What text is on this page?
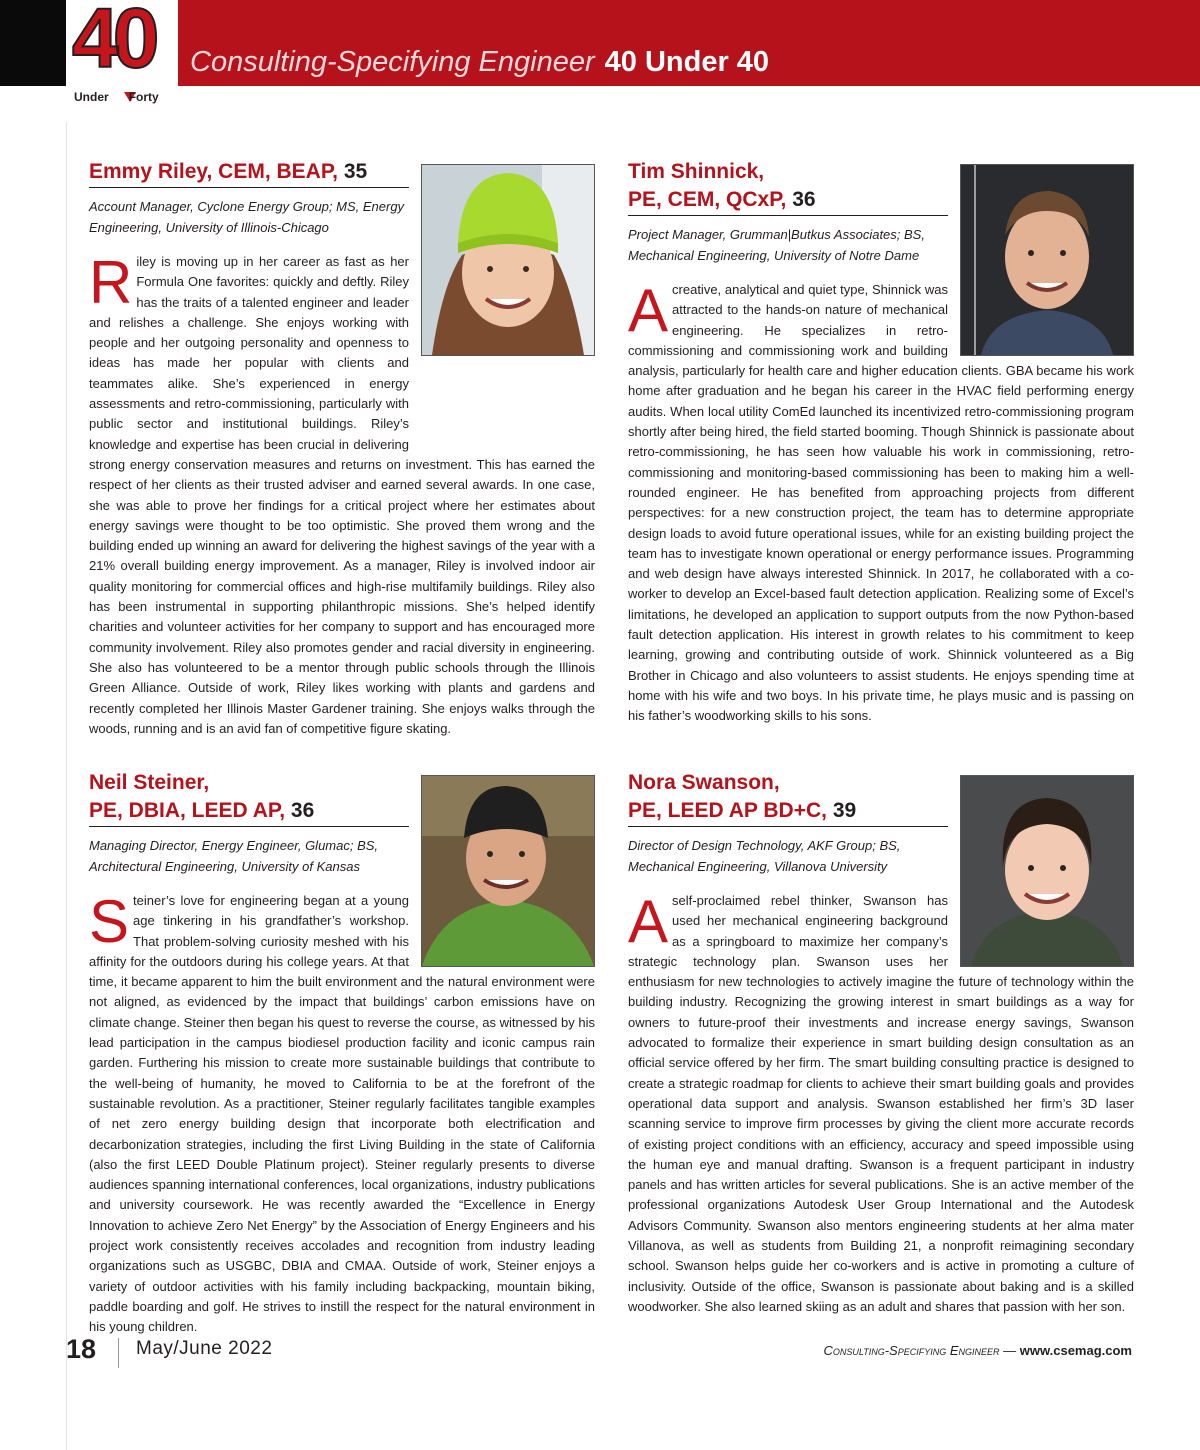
40
Under Forty
Consulting-Specifying Engineer 40 Under 40

Emmy Riley, CEM, BEAP, 35

Account Manager, Cyclone Energy Group; MS, Energy Engineering, University of Illinois-Chicago

Riley is moving up in her career as fast as her Formula One favorites: quickly and deftly. Riley has the traits of a talented engineer and leader and relishes a challenge. She enjoys working with people and her outgoing personality and openness to ideas has made her popular with clients and teammates alike. She’s experienced in energy assessments and retro-commissioning, particularly with public sector and institutional buildings. Riley’s knowledge and expertise has been crucial in delivering strong energy conservation measures and returns on investment. This has earned the respect of her clients as their trusted adviser and earned several awards. In one case, she was able to prove her findings for a critical project where her estimates about energy savings were thought to be too optimistic. She proved them wrong and the building ended up winning an award for delivering the highest savings of the year with a 21% overall building energy improvement. As a manager, Riley is involved indoor air quality monitoring for commercial offices and high-rise multifamily buildings. Riley also has been instrumental in supporting philanthropic missions. She’s helped identify charities and volunteer activities for her company to support and has encouraged more community involvement. Riley also promotes gender and racial diversity in engineering. She also has volunteered to be a mentor through public schools through the Illinois Green Alliance. Outside of work, Riley likes working with plants and gardens and recently completed her Illinois Master Gardener training. She enjoys walks through the woods, running and is an avid fan of competitive figure skating.

Tim Shinnick,
PE, CEM, QCxP, 36

Project Manager, Grumman|Butkus Associates; BS, Mechanical Engineering, University of Notre Dame

Acreative, analytical and quiet type, Shinnick was attracted to the hands-on nature of mechanical engineering. He specializes in retro-commissioning and commissioning work and building analysis, particularly for health care and higher education clients. GBA became his work home after graduation and he began his career in the HVAC field performing energy audits. When local utility ComEd launched its incentivized retro-commissioning program shortly after being hired, the field started booming. Though Shinnick is passionate about retro-commissioning, he has seen how valuable his work in commissioning, retro-commissioning and monitoring-based commissioning has been to making him a well-rounded engineer. He has benefited from approaching projects from different perspectives: for a new construction project, the team has to determine appropriate design loads to avoid future operational issues, while for an existing building project the team has to investigate known operational or energy performance issues. Programming and web design have always interested Shinnick. In 2017, he collaborated with a co-worker to develop an Excel-based fault detection application. Realizing some of Excel’s limitations, he developed an application to support outputs from the now Python-based fault detection application. His interest in growth relates to his commitment to keep learning, growing and contributing outside of work. Shinnick volunteered as a Big Brother in Chicago and also volunteers to assist students. He enjoys spending time at home with his wife and two boys. In his private time, he plays music and is passing on his father’s woodworking skills to his sons.

Neil Steiner,
PE, DBIA, LEED AP, 36

Managing Director, Energy Engineer, Glumac; BS, Architectural Engineering, University of Kansas

Steiner’s love for engineering began at a young age tinkering in his grandfather’s workshop. That problem-solving curiosity meshed with his affinity for the outdoors during his college years. At that time, it became apparent to him the built environment and the natural environment were not aligned, as evidenced by the impact that buildings’ carbon emissions have on climate change. Steiner then began his quest to reverse the course, as witnessed by his lead participation in the campus biodiesel production facility and iconic campus rain garden. Furthering his mission to create more sustainable buildings that contribute to the well-being of humanity, he moved to California to be at the forefront of the sustainable revolution. As a practitioner, Steiner regularly facilitates tangible examples of net zero energy building design that incorporate both electrification and decarbonization strategies, including the first Living Building in the state of California (also the first LEED Double Platinum project). Steiner regularly presents to diverse audiences spanning international conferences, local organizations, industry publications and university coursework. He was recently awarded the “Excellence in Energy Innovation to achieve Zero Net Energy” by the Association of Energy Engineers and his project work consistently receives accolades and recognition from industry leading organizations such as USGBC, DBIA and CMAA. Outside of work, Steiner enjoys a variety of outdoor activities with his family including backpacking, mountain biking, paddle boarding and golf. He strives to instill the respect for the natural environment in his young children.

Nora Swanson,
PE, LEED AP BD+C, 39

Director of Design Technology, AKF Group; BS, Mechanical Engineering, Villanova University

Aself-proclaimed rebel thinker, Swanson has used her mechanical engineering background as a springboard to maximize her company’s strategic technology plan. Swanson uses her enthusiasm for new technologies to actively imagine the future of technology within the building industry. Recognizing the growing interest in smart buildings as a way for owners to future-proof their investments and increase energy savings, Swanson advocated to formalize their experience in smart building design consultation as an official service offered by her firm. The smart building consulting practice is designed to create a strategic roadmap for clients to achieve their smart building goals and provides operational data support and analysis. Swanson established her firm’s 3D laser scanning service to improve firm processes by giving the client more accurate records of existing project conditions with an efficiency, accuracy and speed impossible using the human eye and manual drafting. Swanson is a frequent participant in industry panels and has written articles for several publications. She is an active member of the professional organizations Autodesk User Group International and the Autodesk Advisors Community. Swanson also mentors engineering students at her alma mater Villanova, as well as students from Building 21, a nonprofit reimagining secondary school. Swanson helps guide her co-workers and is active in promoting a culture of inclusivity. Outside of the office, Swanson is passionate about baking and is a skilled woodworker. She also learned skiing as an adult and shares that passion with her son.

18 May/June 2022	Consulting-Specifying Engineer — www.csemag.com
